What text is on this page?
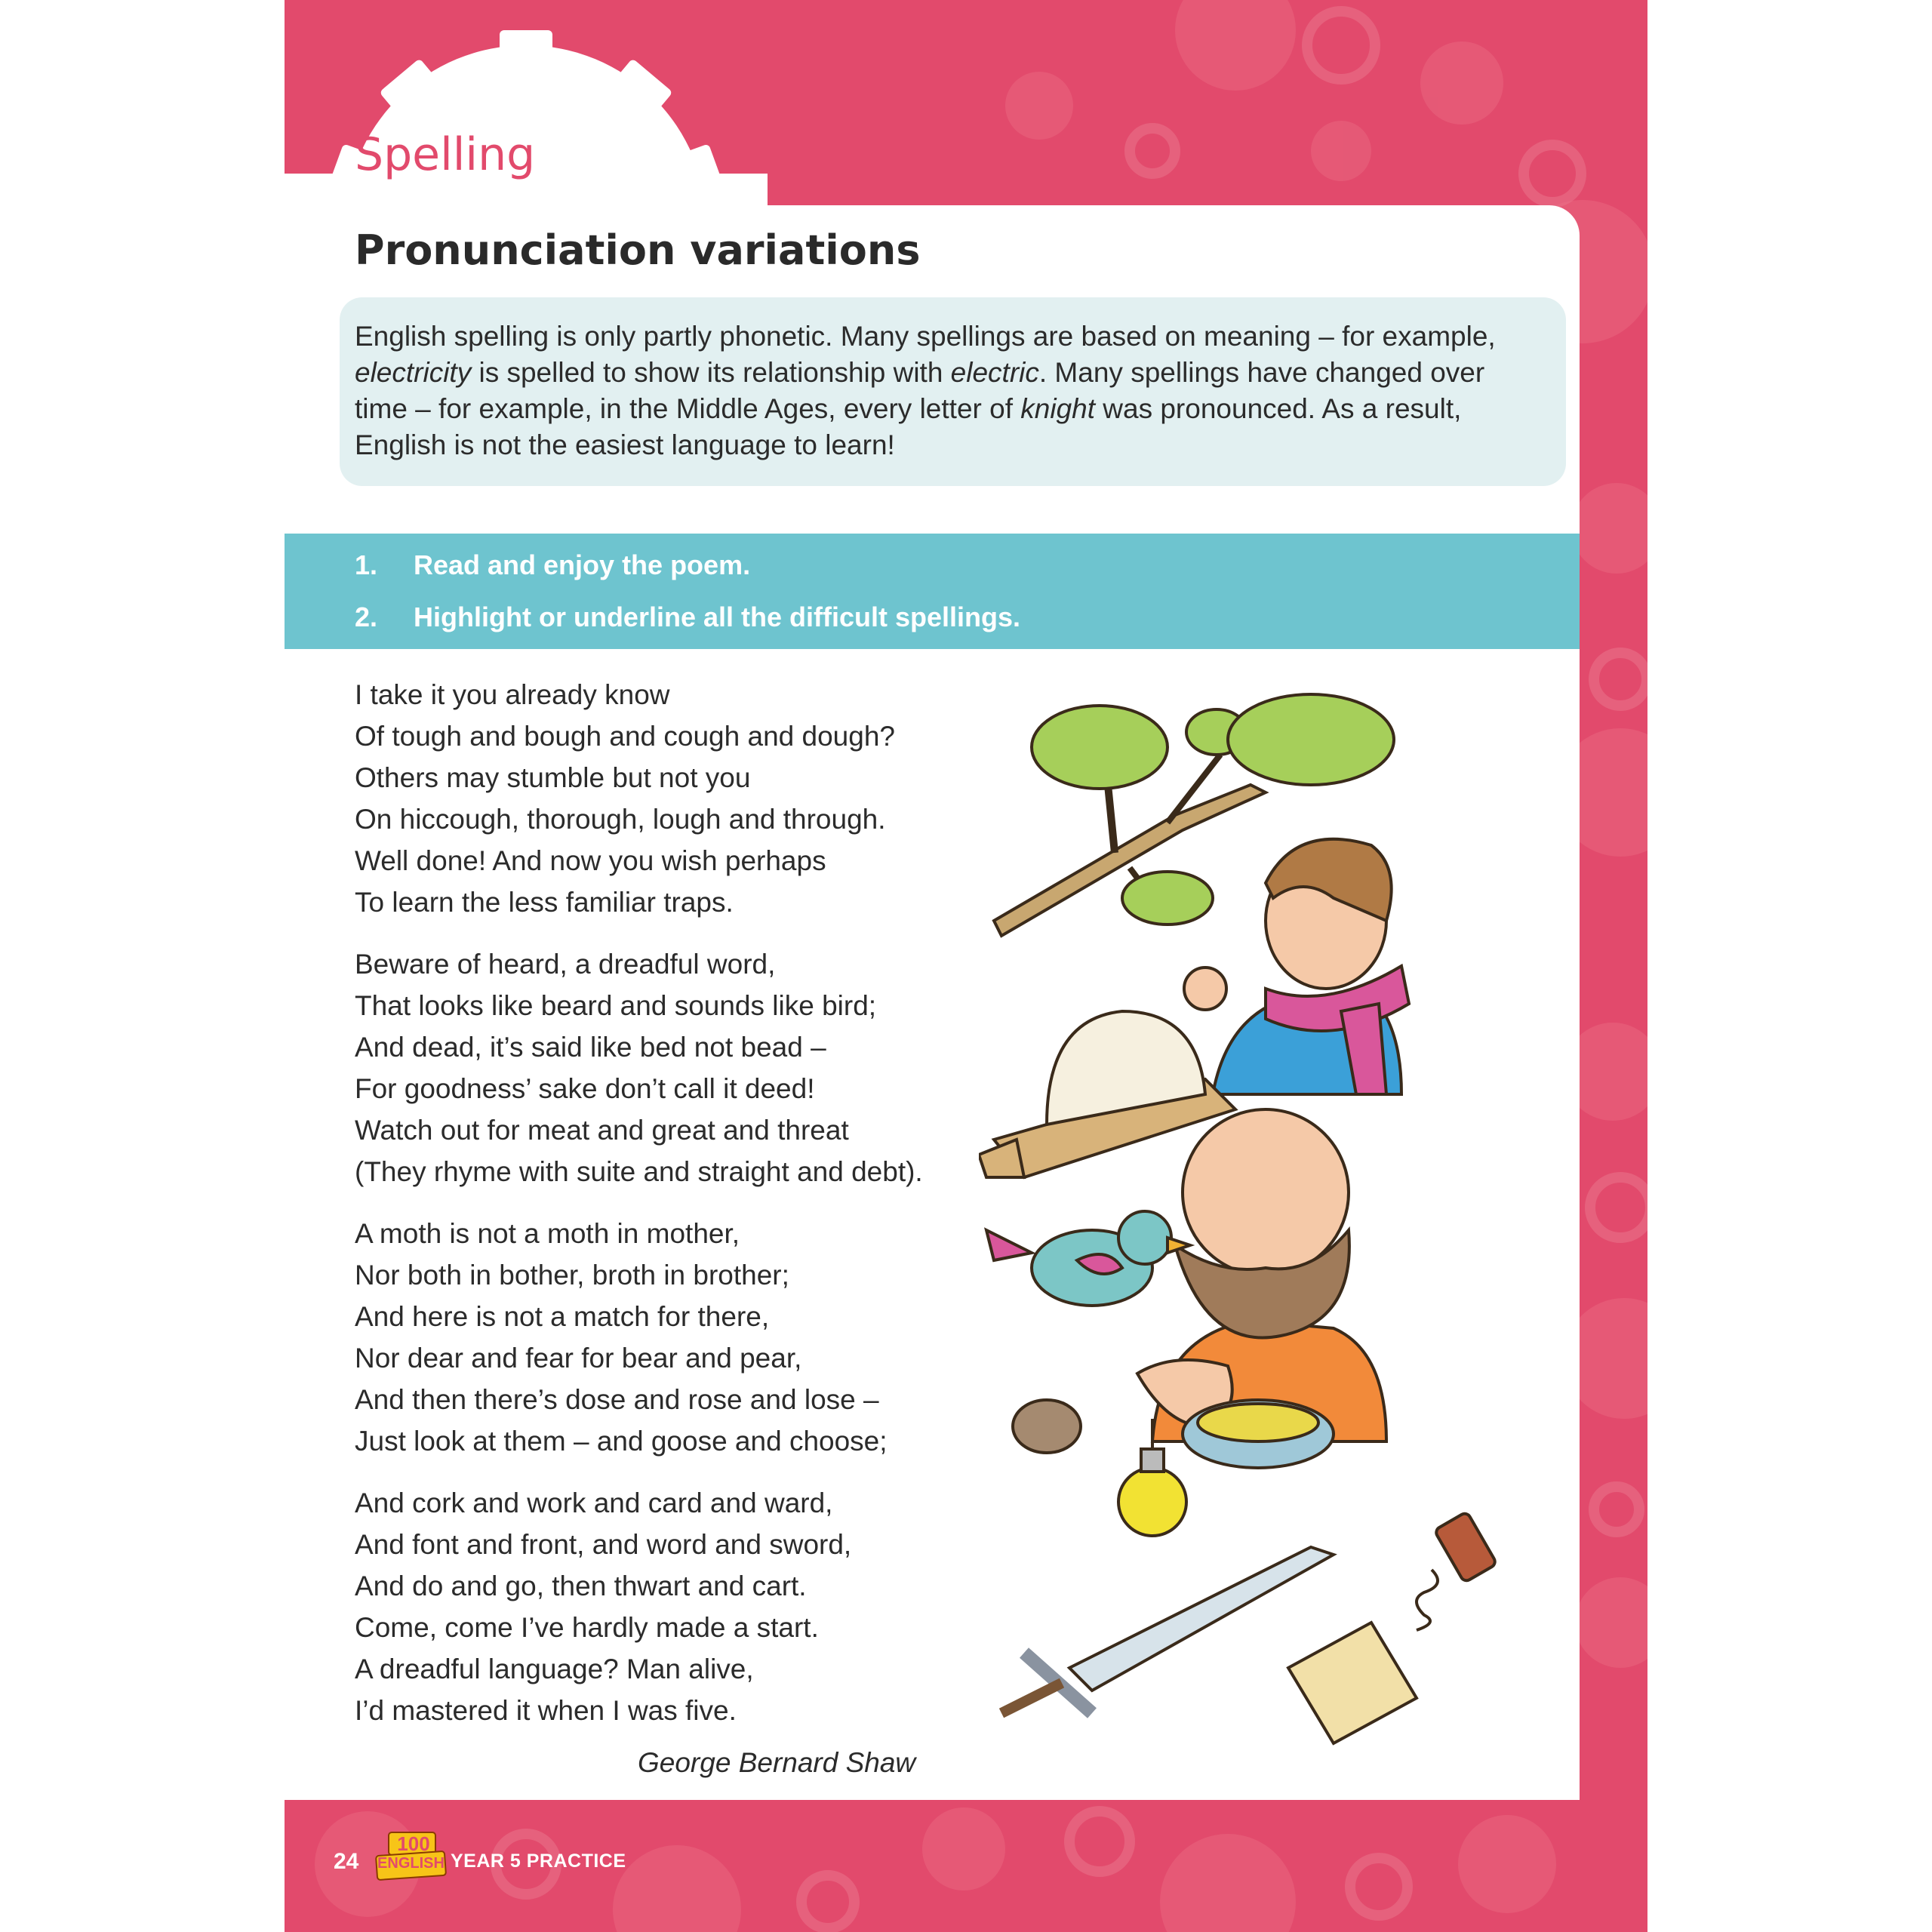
Spelling
Pronunciation variations
English spelling is only partly phonetic. Many spellings are based on meaning – for example,
electricity is spelled to show its relationship with electric. Many spellings have changed over
time – for example, in the Middle Ages, every letter of knight was pronounced. As a result,
English is not the easiest language to learn!
1. Read and enjoy the poem.
2. Highlight or underline all the difficult spellings.
I take it you already know
Of tough and bough and cough and dough?
Others may stumble but not you
On hiccough, thorough, lough and through.
Well done! And now you wish perhaps
To learn the less familiar traps.
Beware of heard, a dreadful word,
That looks like beard and sounds like bird;
And dead, it’s said like bed not bead –
For goodness’ sake don’t call it deed!
Watch out for meat and great and threat
(They rhyme with suite and straight and debt).
A moth is not a moth in mother,
Nor both in bother, broth in brother;
And here is not a match for there,
Nor dear and fear for bear and pear,
And then there’s dose and rose and lose –
Just look at them – and goose and choose;
And cork and work and card and ward,
And font and front, and word and sword,
And do and go, then thwart and cart.
Come, come I’ve hardly made a start.
A dreadful language? Man alive,
I’d mastered it when I was five.
George Bernard Shaw
24
100
ENGLISH YEAR 5 PRACTICE
